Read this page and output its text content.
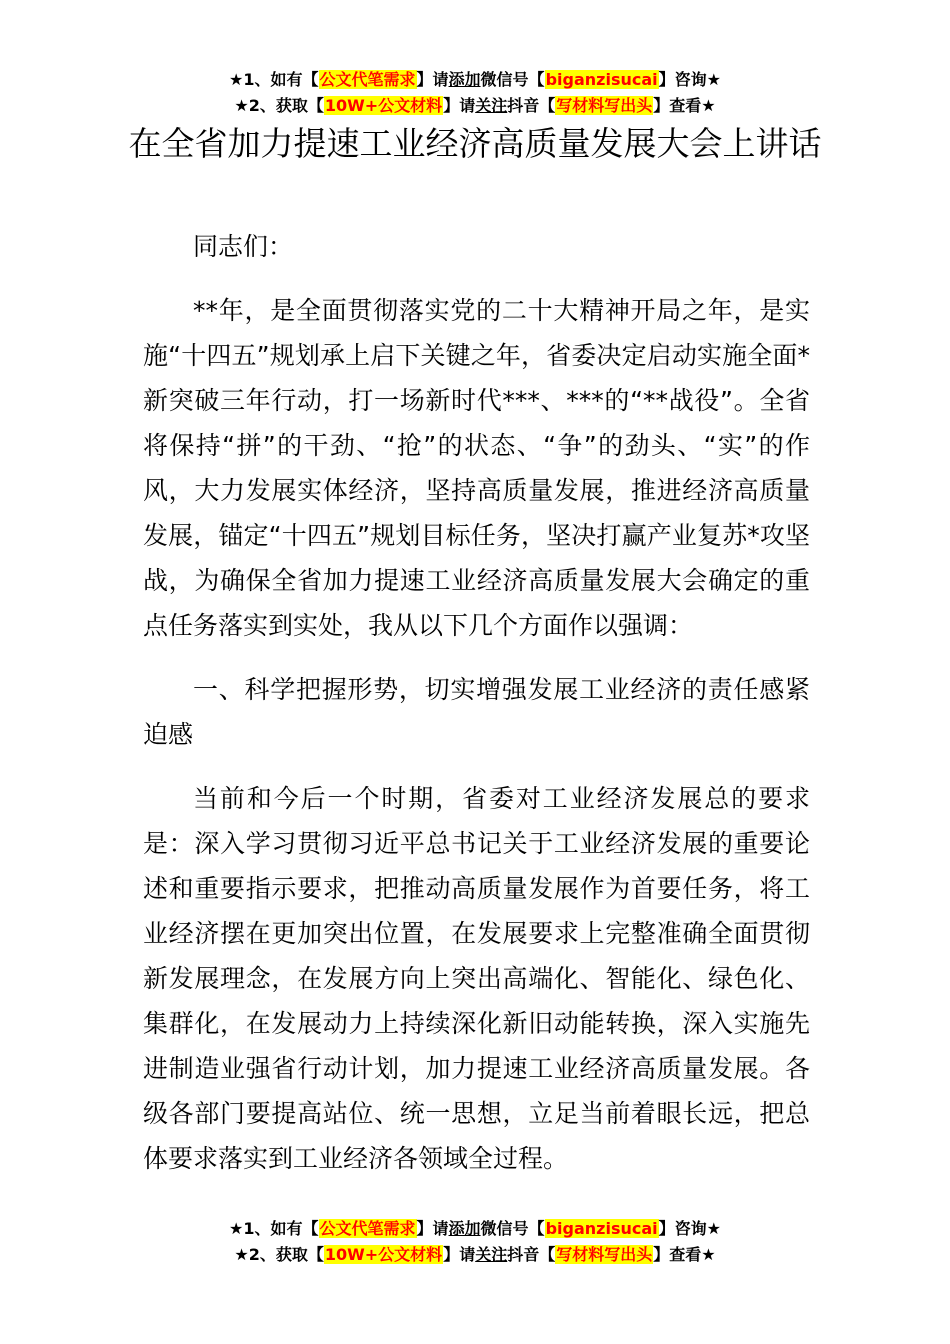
★1、如有【公文代笔需求】请添加微信号【biganzisucai】咨询★
★2、获取【10W+公文材料】请关注抖音【写材料写出头】查看★
在全省加力提速工业经济高质量发展大会上讲话

同志们：

**年，是全面贯彻落实党的二十大精神开局之年，是实施“十四五”规划承上启下关键之年，省委决定启动实施全面*新突破三年行动，打一场新时代***、***的“**战役”。全省将保持“拼”的干劲、“抢”的状态、“争”的劲头、“实”的作风，大力发展实体经济，坚持高质量发展，推进经济高质量发展，锚定“十四五”规划目标任务，坚决打赢产业复苏*攻坚战，为确保全省加力提速工业经济高质量发展大会确定的重点任务落实到实处，我从以下几个方面作以强调：

一、科学把握形势，切实增强发展工业经济的责任感紧迫感

当前和今后一个时期，省委对工业经济发展总的要求是：深入学习贯彻习近平总书记关于工业经济发展的重要论述和重要指示要求，把推动高质量发展作为首要任务，将工业经济摆在更加突出位置，在发展要求上完整准确全面贯彻新发展理念，在发展方向上突出高端化、智能化、绿色化、集群化，在发展动力上持续深化新旧动能转换，深入实施先进制造业强省行动计划，加力提速工业经济高质量发展。各级各部门要提高站位、统一思想，立足当前着眼长远，把总体要求落实到工业经济各领域全过程。

★1、如有【公文代笔需求】请添加微信号【biganzisucai】咨询★
★2、获取【10W+公文材料】请关注抖音【写材料写出头】查看★
